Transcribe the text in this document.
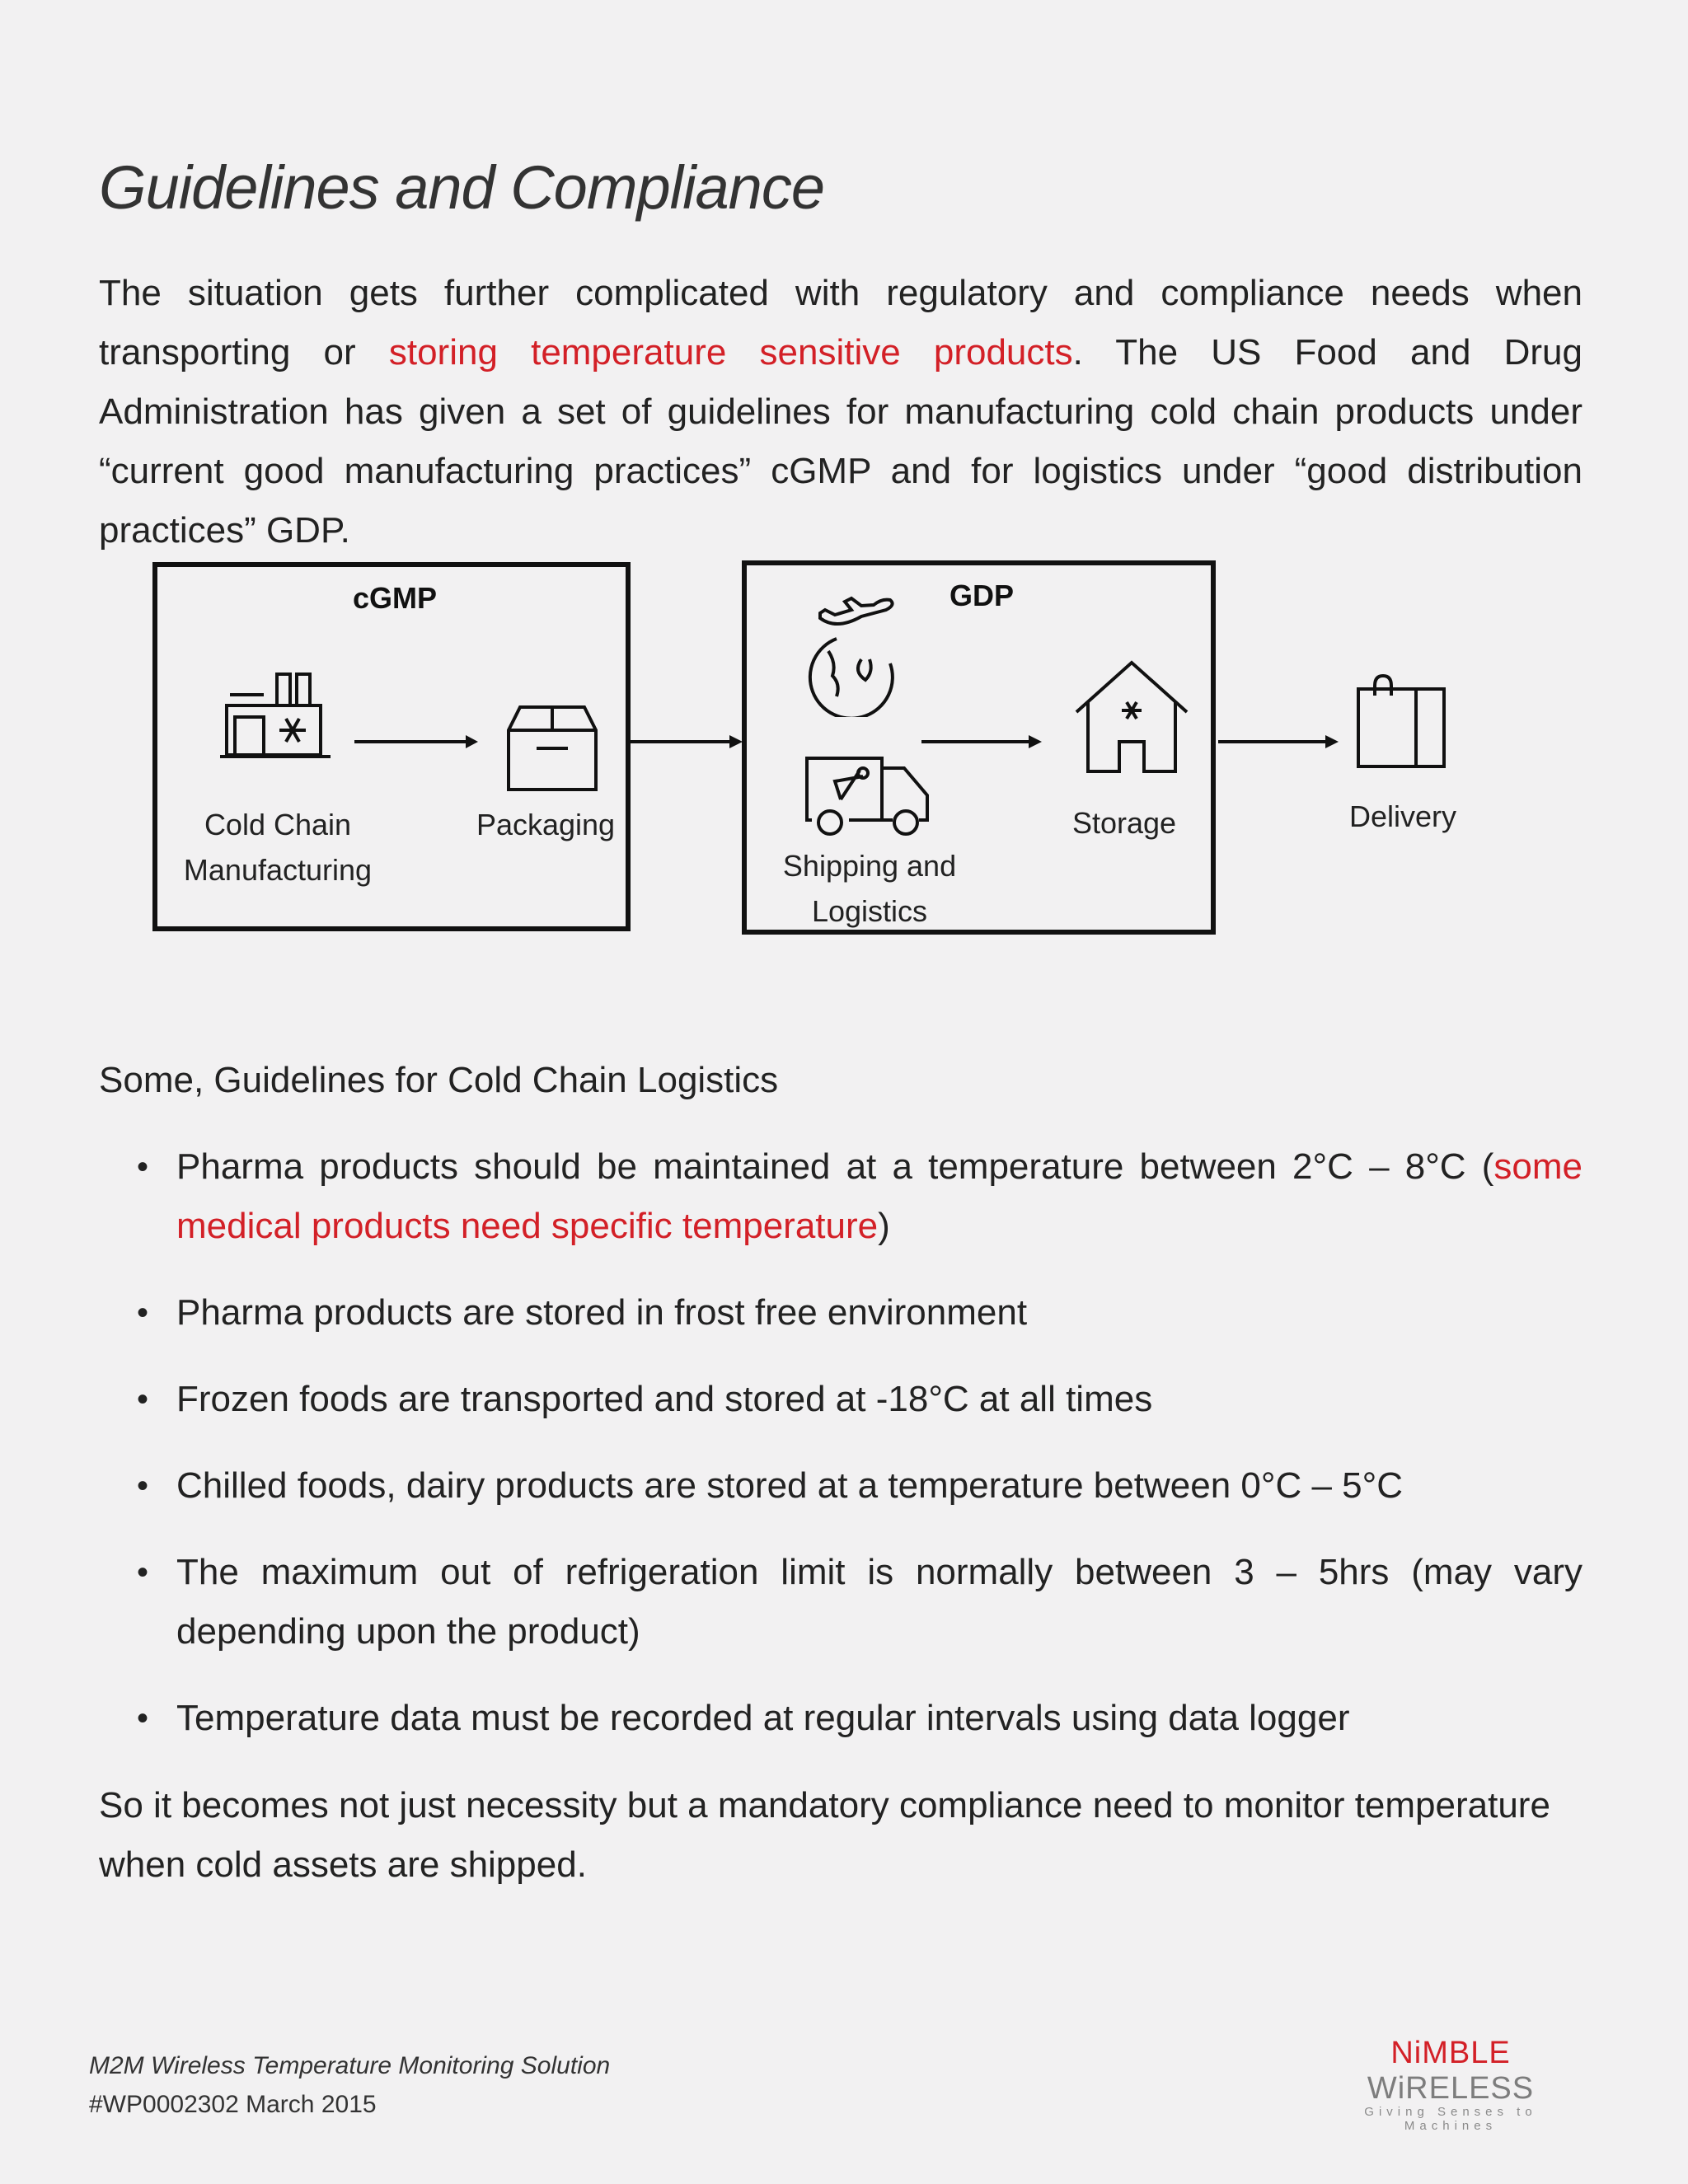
Guidelines and Compliance

The situation gets further complicated with regulatory and compliance needs when transporting or storing temperature sensitive products. The US Food and Drug Administration has given a set of guidelines for manufacturing cold chain products under “current good manufacturing practices” cGMP and for logistics under “good distribution practices” GDP.

cGMP	GDP
Cold Chain Manufacturing
Packaging
Shipping and Logistics
Storage	Delivery

Some, Guidelines for Cold Chain Logistics

• Pharma products should be maintained at a temperature between 2°C – 8°C (some medical products need specific temperature)
• Pharma products are stored in frost free environment
• Frozen foods are transported and stored at -18°C at all times
• Chilled foods, dairy products are stored at a temperature between 0°C – 5°C
• The maximum out of refrigeration limit is normally between 3 – 5hrs (may vary depending upon the product)
• Temperature data must be recorded at regular intervals using data logger

So it becomes not just necessity but a mandatory compliance need to monitor temperature when cold assets are shipped.

M2M Wireless Temperature Monitoring Solution
#WP0002302 March 2015
NiMBLE WiRELESS
Giving Senses to Machines
